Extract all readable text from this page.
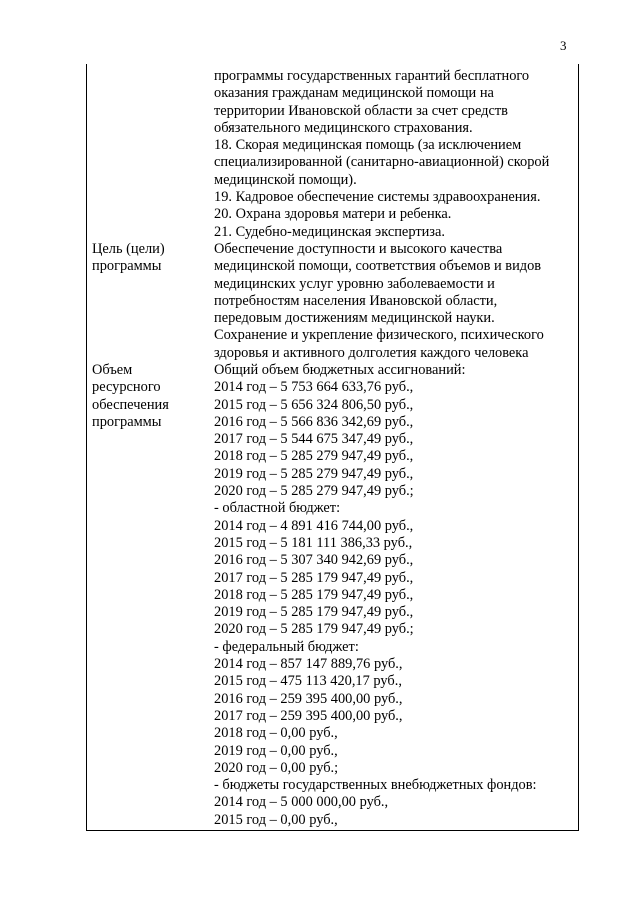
3
программы государственных гарантий бесплатного
оказания гражданам медицинской помощи на
территории Ивановской области за счет средств
обязательного медицинского страхования.
18. Скорая медицинская помощь (за исключением
специализированной (санитарно-авиационной) скорой
медицинской помощи).
19. Кадровое обеспечение системы здравоохранения.
20. Охрана здоровья матери и ребенка.
21. Судебно-медицинская экспертиза.
Цель (цели)
программы
Обеспечение доступности и высокого качества
медицинской помощи, соответствия объемов и видов
медицинских услуг уровню заболеваемости и
потребностям населения Ивановской области,
передовым достижениям медицинской науки.
Сохранение и укрепление физического, психического
здоровья и активного долголетия каждого человека
Объем
ресурсного
обеспечения
программы
Общий объем бюджетных ассигнований:
2014 год – 5 753 664 633,76 руб.,
2015 год – 5 656 324 806,50 руб.,
2016 год – 5 566 836 342,69 руб.,
2017 год – 5 544 675 347,49 руб.,
2018 год – 5 285 279 947,49 руб.,
2019 год – 5 285 279 947,49 руб.,
2020 год – 5 285 279 947,49 руб.;
- областной бюджет:
2014 год – 4 891 416 744,00 руб.,
2015 год – 5 181 111 386,33 руб.,
2016 год – 5 307 340 942,69 руб.,
2017 год – 5 285 179 947,49 руб.,
2018 год – 5 285 179 947,49 руб.,
2019 год – 5 285 179 947,49 руб.,
2020 год – 5 285 179 947,49 руб.;
- федеральный бюджет:
2014 год – 857 147 889,76 руб.,
2015 год – 475 113 420,17 руб.,
2016 год – 259 395 400,00 руб.,
2017 год – 259 395 400,00 руб.,
2018 год – 0,00 руб.,
2019 год – 0,00 руб.,
2020 год – 0,00 руб.;
- бюджеты государственных внебюджетных фондов:
2014 год – 5 000 000,00 руб.,
2015 год – 0,00 руб.,
